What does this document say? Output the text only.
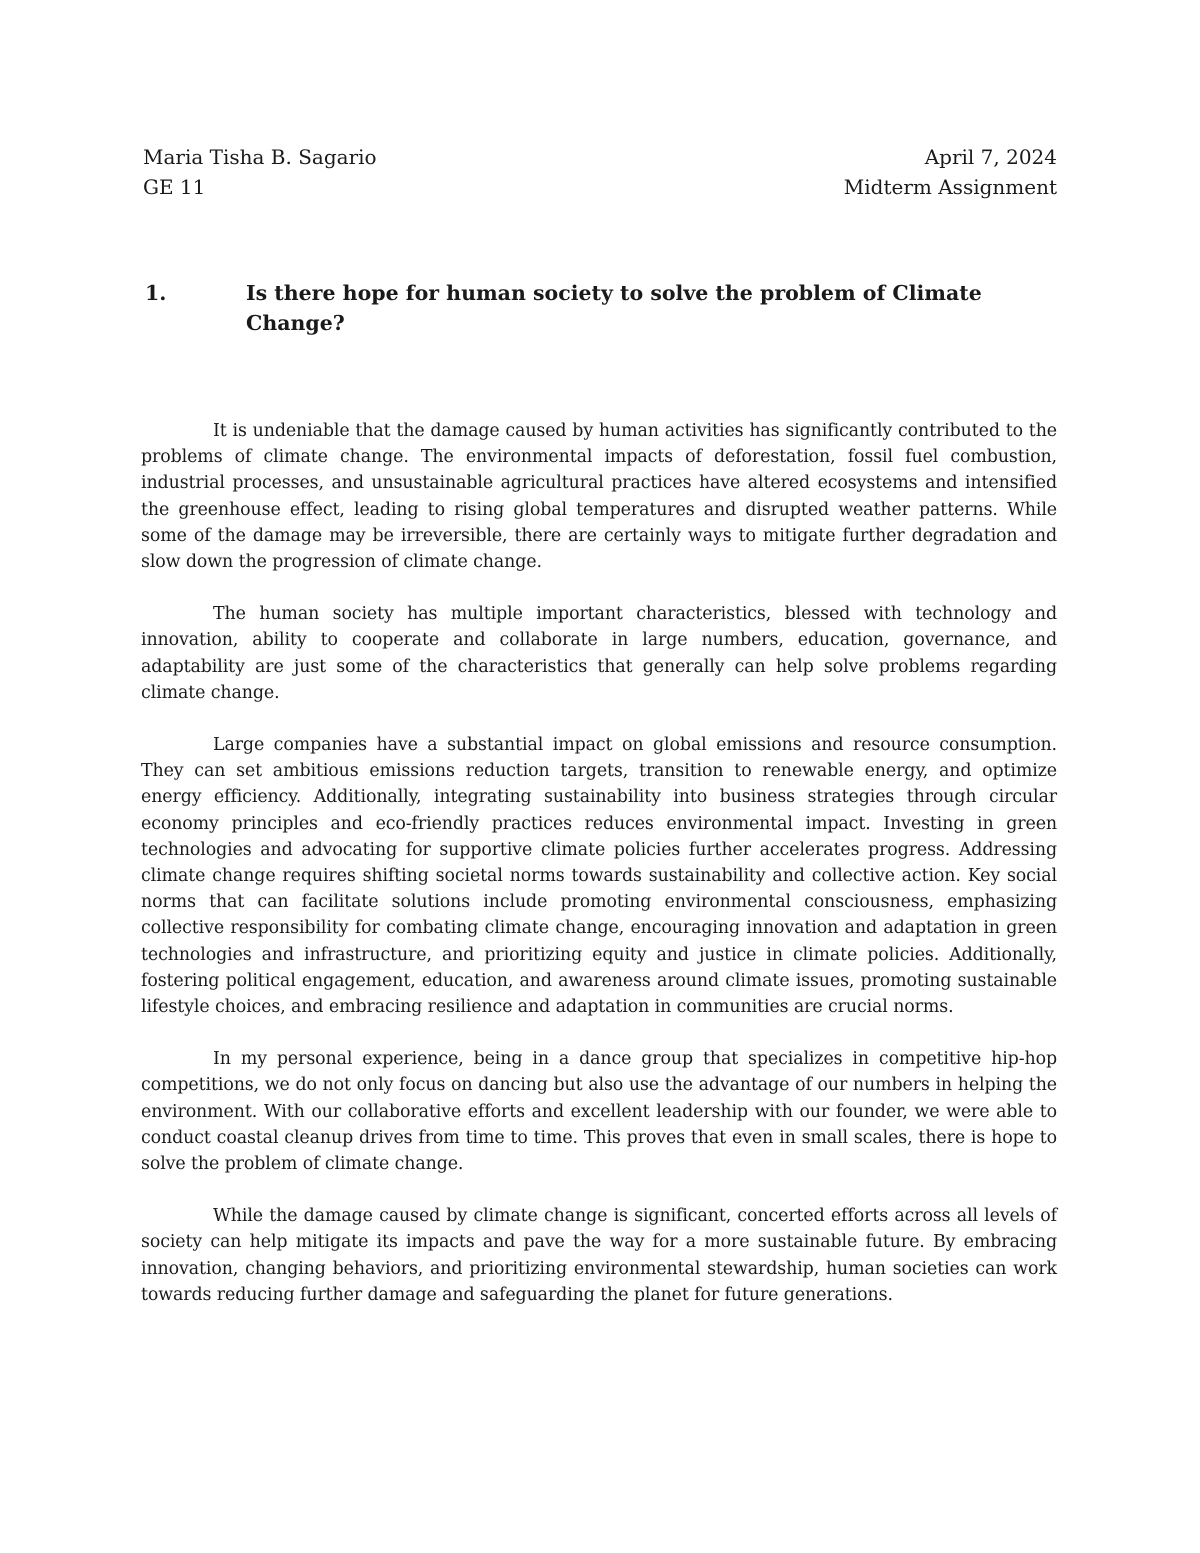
Maria Tisha B. Sagario	April 7, 2024
GE 11	Midterm Assignment
1.	Is there hope for human society to solve the problem of Climate Change?

It is undeniable that the damage caused by human activities has significantly contributed to the problems of climate change. The environmental impacts of deforestation, fossil fuel combustion, industrial processes, and unsustainable agricultural practices have altered ecosystems and intensified the greenhouse effect, leading to rising global temperatures and disrupted weather patterns. While some of the damage may be irreversible, there are certainly ways to mitigate further degradation and slow down the progression of climate change.

The human society has multiple important characteristics, blessed with technology and innovation, ability to cooperate and collaborate in large numbers, education, governance, and adaptability are just some of the characteristics that generally can help solve problems regarding climate change.

Large companies have a substantial impact on global emissions and resource consumption. They can set ambitious emissions reduction targets, transition to renewable energy, and optimize energy efficiency. Additionally, integrating sustainability into business strategies through circular economy principles and eco-friendly practices reduces environmental impact. Investing in green technologies and advocating for supportive climate policies further accelerates progress. Addressing climate change requires shifting societal norms towards sustainability and collective action. Key social norms that can facilitate solutions include promoting environmental consciousness, emphasizing collective responsibility for combating climate change, encouraging innovation and adaptation in green technologies and infrastructure, and prioritizing equity and justice in climate policies. Additionally, fostering political engagement, education, and awareness around climate issues, promoting sustainable lifestyle choices, and embracing resilience and adaptation in communities are crucial norms.

In my personal experience, being in a dance group that specializes in competitive hip-hop competitions, we do not only focus on dancing but also use the advantage of our numbers in helping the environment. With our collaborative efforts and excellent leadership with our founder, we were able to conduct coastal cleanup drives from time to time. This proves that even in small scales, there is hope to solve the problem of climate change.

While the damage caused by climate change is significant, concerted efforts across all levels of society can help mitigate its impacts and pave the way for a more sustainable future. By embracing innovation, changing behaviors, and prioritizing environmental stewardship, human societies can work towards reducing further damage and safeguarding the planet for future generations.
